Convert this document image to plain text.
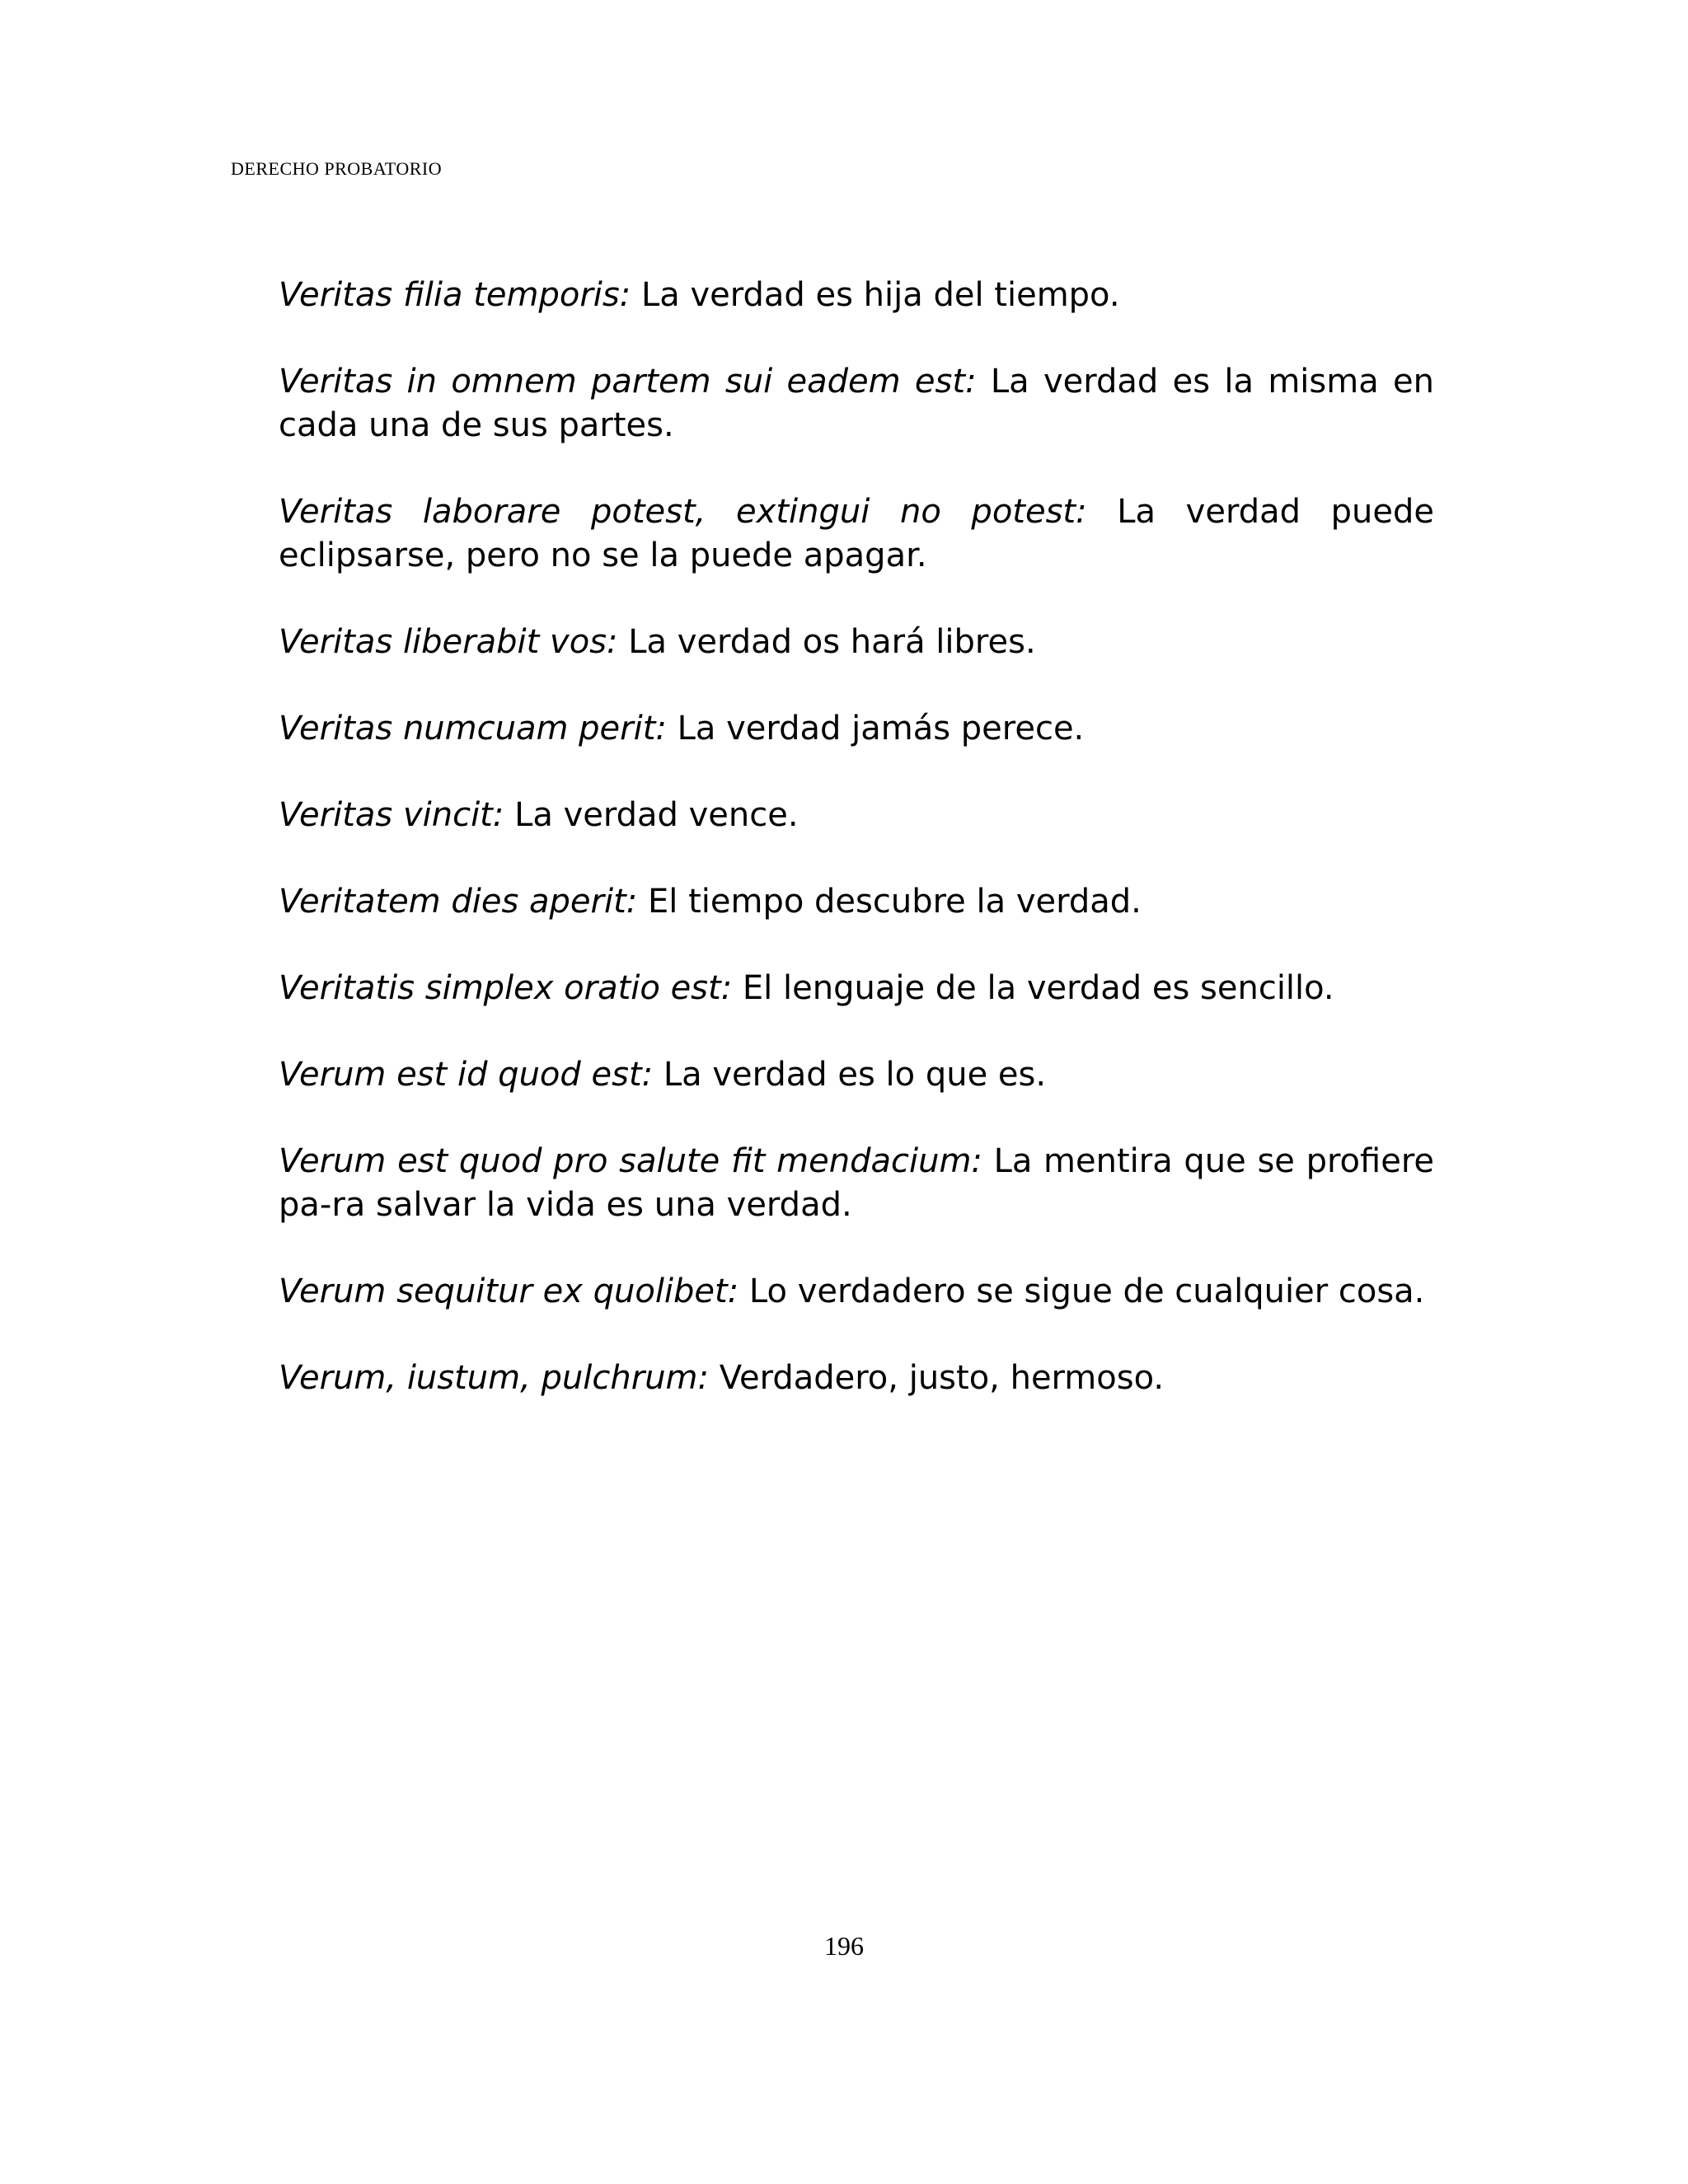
DERECHO PROBATORIO

Veritas filia temporis: La verdad es hija del tiempo.

Veritas in omnem partem sui eadem est: La verdad es la misma en cada una de sus partes.

Veritas laborare potest, extingui no potest: La verdad puede eclipsarse, pero no se la puede apagar.

Veritas liberabit vos: La verdad os hará libres.

Veritas numcuam perit: La verdad jamás perece.

Veritas vincit: La verdad vence.

Veritatem dies aperit: El tiempo descubre la verdad.

Veritatis simplex oratio est: El lenguaje de la verdad es sencillo.

Verum est id quod est: La verdad es lo que es.

Verum est quod pro salute fit mendacium: La mentira que se profiere pa-ra salvar la vida es una verdad.

Verum sequitur ex quolibet: Lo verdadero se sigue de cualquier cosa.

Verum, iustum, pulchrum: Verdadero, justo, hermoso.

196
